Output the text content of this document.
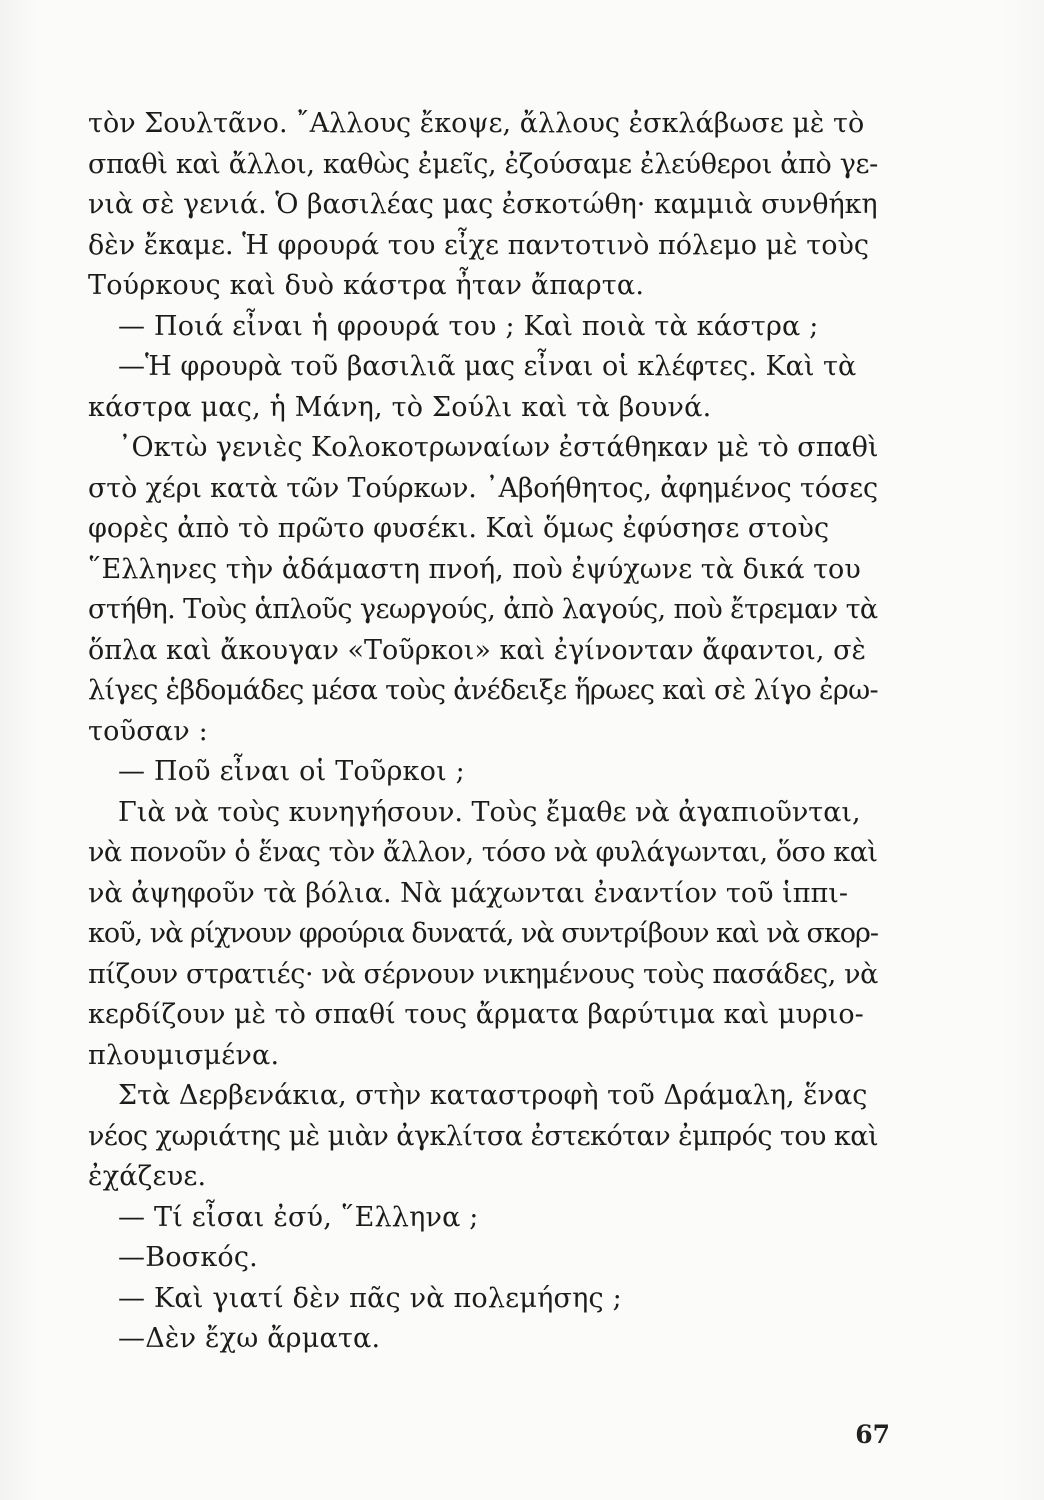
τὸν Σουλτᾶνο. ῎Αλλους ἔκοψε, ἄλλους ἐσκλάβωσε μὲ τὸ
σπαθὶ καὶ ἄλλοι, καθὼς ἐμεῖς, ἐζούσαμε ἐλεύθεροι ἀπὸ γε-
νιὰ σὲ γενιά. Ὁ βασιλέας μας ἐσκοτώθη· καμμιὰ συνθήκη
δὲν ἔκαμε. Ἡ φρουρά του εἶχε παντοτινὸ πόλεμο μὲ τοὺς
Τούρκους καὶ δυὸ κάστρα ἦταν ἄπαρτα.
— Ποιά εἶναι ἡ φρουρά του ; Καὶ ποιὰ τὰ κάστρα ;
—Ἡ φρουρὰ τοῦ βασιλιᾶ μας εἶναι οἱ κλέφτες. Καὶ τὰ
κάστρα μας, ἡ Μάνη, τὸ Σούλι καὶ τὰ βουνά.
᾿Οκτὼ γενιὲς Κολοκοτρωναίων ἐστάθηκαν μὲ τὸ σπαθὶ
στὸ χέρι κατὰ τῶν Τούρκων. ᾿Αβοήθητος, ἀφημένος τόσες
φορὲς ἀπὸ τὸ πρῶτο φυσέκι. Καὶ ὅμως ἐφύσησε στοὺς
῞Ελληνες τὴν ἀδάμαστη πνοή, ποὺ ἐψύχωνε τὰ δικά του
στήθη. Τοὺς ἁπλοῦς γεωργούς, ἀπὸ λαγούς, ποὺ ἔτρεμαν τὰ
ὅπλα καὶ ἄκουγαν «Τοῦρκοι» καὶ ἐγίνονταν ἄφαντοι, σὲ
λίγες ἑβδομάδες μέσα τοὺς ἀνέδειξε ἥρωες καὶ σὲ λίγο ἐρω-
τοῦσαν :
— Ποῦ εἶναι οἱ Τοῦρκοι ;
Γιὰ νὰ τοὺς κυνηγήσουν. Τοὺς ἔμαθε νὰ ἀγαπιοῦνται,
νὰ πονοῦν ὁ ἕνας τὸν ἄλλον, τόσο νὰ φυλάγωνται, ὅσο καὶ
νὰ ἀψηφοῦν τὰ βόλια. Νὰ μάχωνται ἐναντίον τοῦ ἱππι-
κοῦ, νὰ ρίχνουν φρούρια δυνατά, νὰ συντρίβουν καὶ νὰ σκορ-
πίζουν στρατιές· νὰ σέρνουν νικημένους τοὺς πασάδες, νὰ
κερδίζουν μὲ τὸ σπαθί τους ἄρματα βαρύτιμα καὶ μυριο-
πλουμισμένα.
Στὰ Δερβενάκια, στὴν καταστροφὴ τοῦ Δράμαλη, ἕνας
νέος χωριάτης μὲ μιὰν ἀγκλίτσα ἐστεκόταν ἐμπρός του καὶ
ἐχάζευε.
— Τί εἶσαι ἐσύ, ῞Ελληνα ;
—Βοσκός.
— Καὶ γιατί δὲν πᾶς νὰ πολεμήσης ;
—Δὲν ἔχω ἄρματα.
67
